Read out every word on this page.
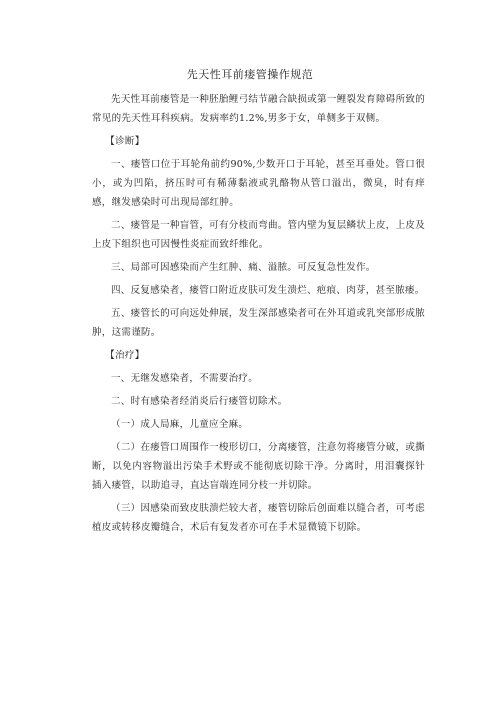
先天性耳前瘘管操作规范

先天性耳前瘘管是一种胚胎鲤弓结节融合缺损或第一鲤裂发育障碍所致的常见的先天性耳科疾病。发病率约1.2%,男多于女，单侧多于双侧。

【诊断】

一、瘘管口位于耳轮角前约90%,少数开口于耳轮，甚至耳垂处。管口很小，或为凹陷，挤压时可有稀薄黏液或乳酪物从管口溢出，微臭，时有痒感，继发感染时可出现局部红肿。

二、瘘管是一种盲管，可有分枝而弯曲。管内壁为复层鳞状上皮，上皮及上皮下组织也可因慢性炎症而致纤维化。

三、局部可因感染而产生红肿、痛、溢脓。可反复急性发作。

四、反复感染者，瘘管口附近皮肤可发生溃烂、疤痕、肉芽，甚至脓瘘。

五、瘘管长的可向远处伸展，发生深部感染者可在外耳道或乳突部形成脓肿，这需谨防。

【治疗】

一、无继发感染者，不需要治疗。

二、时有感染者经消炎后行瘘管切除术。

（一）成人局麻，儿童应全麻。

（二）在瘘管口周围作一梭形切口，分离瘘管，注意勿将瘘管分破，或撕断，以免内容物溢出污染手术野或不能彻底切除干净。分离时，用泪囊探针插入瘘管，以助追寻，直达盲端连同分枝一并切除。

（三）因感染而致皮肤溃烂较大者，瘘管切除后创面难以缝合者，可考虑植皮或转移皮瓣缝合，术后有复发者亦可在手术显微镜下切除。
